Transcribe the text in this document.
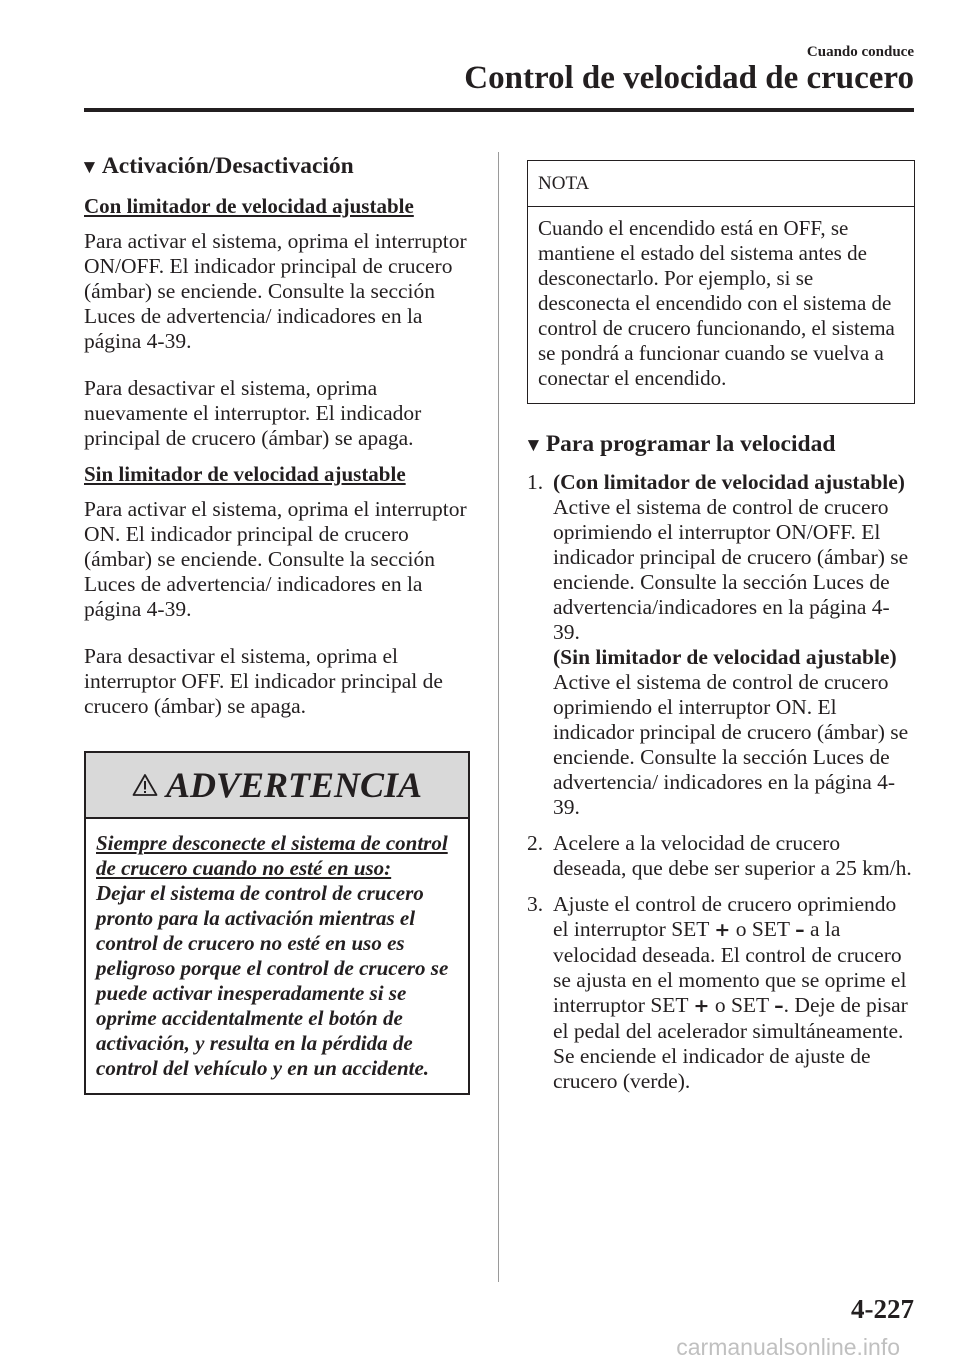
Cuando conduce
Control de velocidad de crucero
▼ Activación/Desactivación
Con limitador de velocidad ajustable

Para activar el sistema, oprima el interruptor ON/OFF. El indicador principal de crucero (ámbar) se enciende. Consulte la sección Luces de advertencia/ indicadores en la página 4-39.

Para desactivar el sistema, oprima nuevamente el interruptor. El indicador principal de crucero (ámbar) se apaga.

Sin limitador de velocidad ajustable

Para activar el sistema, oprima el interruptor ON. El indicador principal de crucero (ámbar) se enciende. Consulte la sección Luces de advertencia/ indicadores en la página 4-39.

Para desactivar el sistema, oprima el interruptor OFF. El indicador principal de crucero (ámbar) se apaga.

ADVERTENCIA
Siempre desconecte el sistema de control de crucero cuando no esté en uso:
Dejar el sistema de control de crucero pronto para la activación mientras el control de crucero no esté en uso es peligroso porque el control de crucero se puede activar inesperadamente si se oprime accidentalmente el botón de activación, y resulta en la pérdida de control del vehículo y en un accidente.
NOTA
Cuando el encendido está en OFF, se mantiene el estado del sistema antes de desconectarlo. Por ejemplo, si se desconecta el encendido con el sistema de control de crucero funcionando, el sistema se pondrá a funcionar cuando se vuelva a conectar el encendido.
▼ Para programar la velocidad
1. (Con limitador de velocidad ajustable)
Active el sistema de control de crucero oprimiendo el interruptor ON/OFF. El indicador principal de crucero (ámbar) se enciende. Consulte la sección Luces de advertencia/indicadores en la página 4-39.
(Sin limitador de velocidad ajustable)
Active el sistema de control de crucero oprimiendo el interruptor ON. El indicador principal de crucero (ámbar) se enciende. Consulte la sección Luces de advertencia/ indicadores en la página 4-39.
2. Acelere a la velocidad de crucero deseada, que debe ser superior a 25 km/h.
3. Ajuste el control de crucero oprimiendo el interruptor SET + o SET – a la velocidad deseada. El control de crucero se ajusta en el momento que se oprime el interruptor SET + o SET –. Deje de pisar el pedal del acelerador simultáneamente. Se enciende el indicador de ajuste de crucero (verde).
4-227
carmanualsonline.info
